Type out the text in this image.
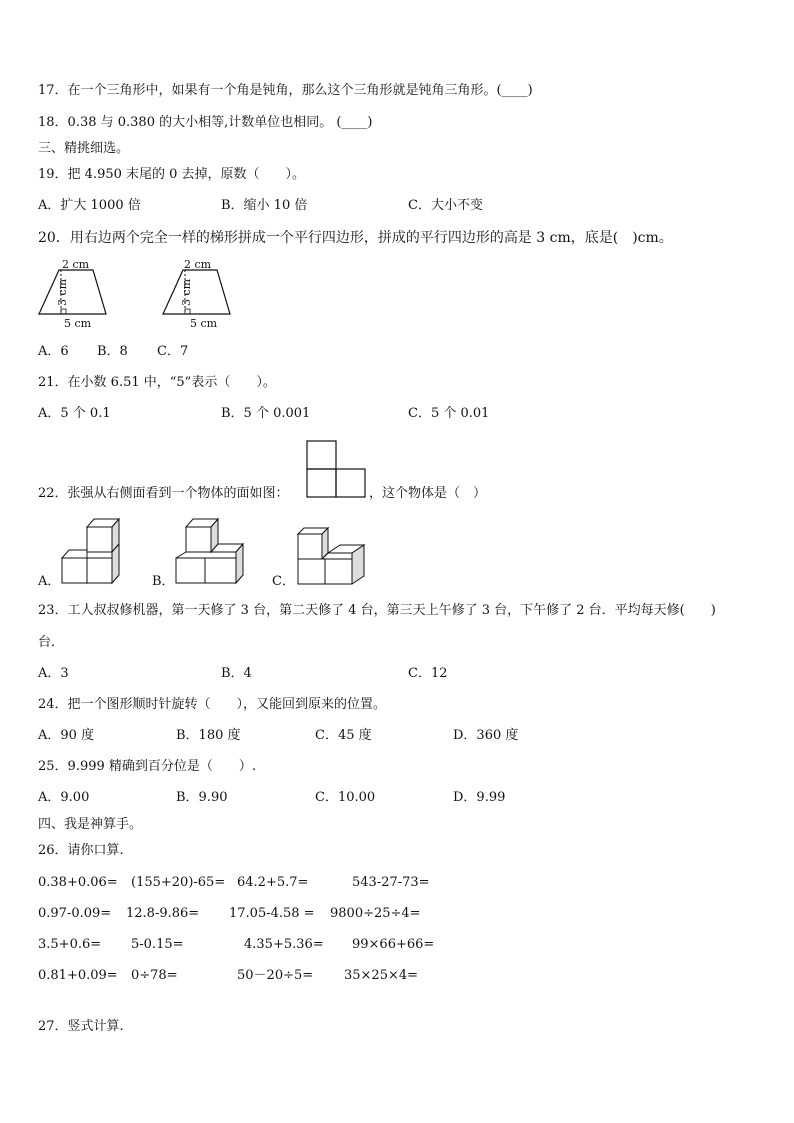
17．在一个三角形中，如果有一个角是钝角，那么这个三角形就是钝角三角形。(____)
18．0.38 与 0.380 的大小相等,计数单位也相同。 (____)
三、精挑细选。
19．把 4.950 末尾的 0 去掉，原数（　　）。
A．扩大 1000 倍	B．缩小 10 倍	C．大小不变
20．用右边两个完全一样的梯形拼成一个平行四边形，拼成的平行四边形的高是 3 cm，底是(　)cm。
2 cm
3 cm
5 cm
2 cm
3 cm
5 cm
A．6 B．8 C．7
21．在小数 6.51 中，“5”表示（　　）。
A．5 个 0.1	B．5 个 0.001	C．5 个 0.01
22．张强从右侧面看到一个物体的面如图：	，这个物体是（　）
A．	B．	C．
23．工人叔叔修机器，第一天修了 3 台，第二天修了 4 台，第三天上午修了 3 台，下午修了 2 台．平均每天修(　　)
台．
A．3	B．4	C．12
24．把一个图形顺时针旋转（　　），又能回到原来的位置。
A．90 度	B．180 度	C．45 度	D．360 度
25．9.999 精确到百分位是（　　）.
A．9.00	B．9.90	C．10.00	D．9.99
四、我是神算手。
26．请你口算.
0.38+0.06= (155+20)-65= 64.2+5.7=	543-27-73=
0.97-0.09= 12.8-9.86= 17.05-4.58 = 9800÷25÷4=
3.5+0.6= 5-0.15=	4.35+5.36= 99×66+66=
0.81+0.09= 0÷78=	50－20÷5= 35×25×4=
27．竖式计算.
